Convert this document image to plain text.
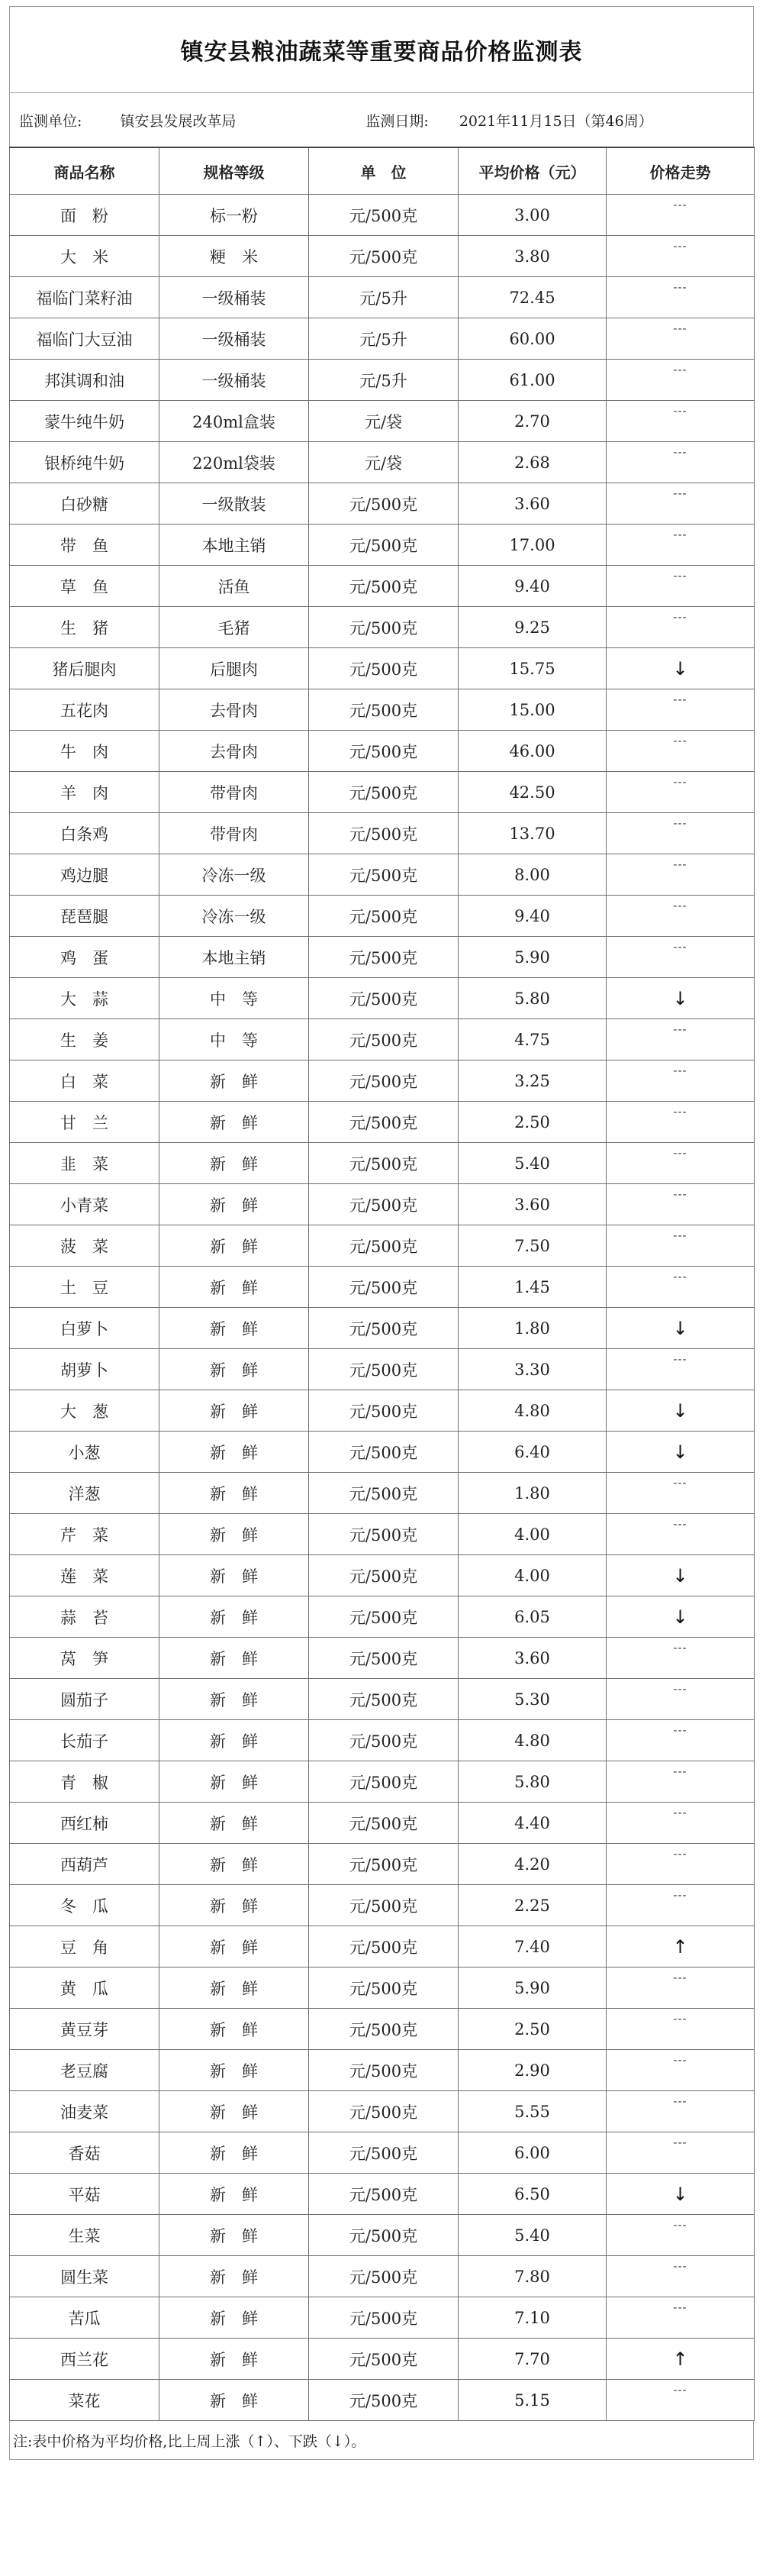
镇安县粮油蔬菜等重要商品价格监测表
监测单位:	镇安县发展改革局	监测日期: 2021年11月15日（第46周）
商品名称	规格等级	单　位	平均价格（元）	价格走势
面　粉	标一粉	元/500克	3.00	---

大　米	粳　米	元/500克	3.80	---

福临门菜籽油	一级桶装	元/5升	72.45	---

福临门大豆油	一级桶装	元/5升	60.00	---

邦淇调和油	一级桶装	元/5升	61.00	---

蒙牛纯牛奶	240ml盒装	元/袋	2.70	---

银桥纯牛奶	220ml袋装	元/袋	2.68	---

白砂糖	一级散装	元/500克	3.60	---

带　鱼	本地主销	元/500克	17.00	---

草　鱼	活鱼	元/500克	9.40	---

生　猪	毛猪	元/500克	9.25	---

猪后腿肉	后腿肉	元/500克	15.75	↓
五花肉	去骨肉	元/500克	15.00	---

牛　肉	去骨肉	元/500克	46.00	---

羊　肉	带骨肉	元/500克	42.50	---

白条鸡	带骨肉	元/500克	13.70	---

鸡边腿	冷冻一级	元/500克	8.00	---

琵琶腿	冷冻一级	元/500克	9.40	---

鸡　蛋	本地主销	元/500克	5.90	---

大　蒜	中　等	元/500克	5.80	↓
生　姜	中　等	元/500克	4.75	---

白　菜	新　鲜	元/500克	3.25	---

甘　兰	新　鲜	元/500克	2.50	---

韭　菜	新　鲜	元/500克	5.40	---

小青菜	新　鲜	元/500克	3.60	---

菠　菜	新　鲜	元/500克	7.50	---

土　豆	新　鲜	元/500克	1.45	---

白萝卜	新　鲜	元/500克	1.80	↓
胡萝卜	新　鲜	元/500克	3.30	---

大　葱	新　鲜	元/500克	4.80	↓
小葱	新　鲜	元/500克	6.40	↓
洋葱	新　鲜	元/500克	1.80	---

芹　菜	新　鲜	元/500克	4.00	---

莲　菜	新　鲜	元/500克	4.00	↓
蒜　苔	新　鲜	元/500克	6.05	↓
莴　笋	新　鲜	元/500克	3.60	---

圆茄子	新　鲜	元/500克	5.30	---

长茄子	新　鲜	元/500克	4.80	---

青　椒	新　鲜	元/500克	5.80	---

西红柿	新　鲜	元/500克	4.40	---

西葫芦	新　鲜	元/500克	4.20	---

冬　瓜	新　鲜	元/500克	2.25	---

豆　角	新　鲜	元/500克	7.40	↑
黄　瓜	新　鲜	元/500克	5.90	---

黄豆芽	新　鲜	元/500克	2.50	---

老豆腐	新　鲜	元/500克	2.90	---

油麦菜	新　鲜	元/500克	5.55	---

香菇	新　鲜	元/500克	6.00	---

平菇	新　鲜	元/500克	6.50	↓
生菜	新　鲜	元/500克	5.40	---

圆生菜	新　鲜	元/500克	7.80	---

苦瓜	新　鲜	元/500克	7.10	---

西兰花	新　鲜	元/500克	7.70	↑
菜花	新　鲜	元/500克	5.15	---
注:表中价格为平均价格,比上周上涨（↑）、下跌（↓）。
